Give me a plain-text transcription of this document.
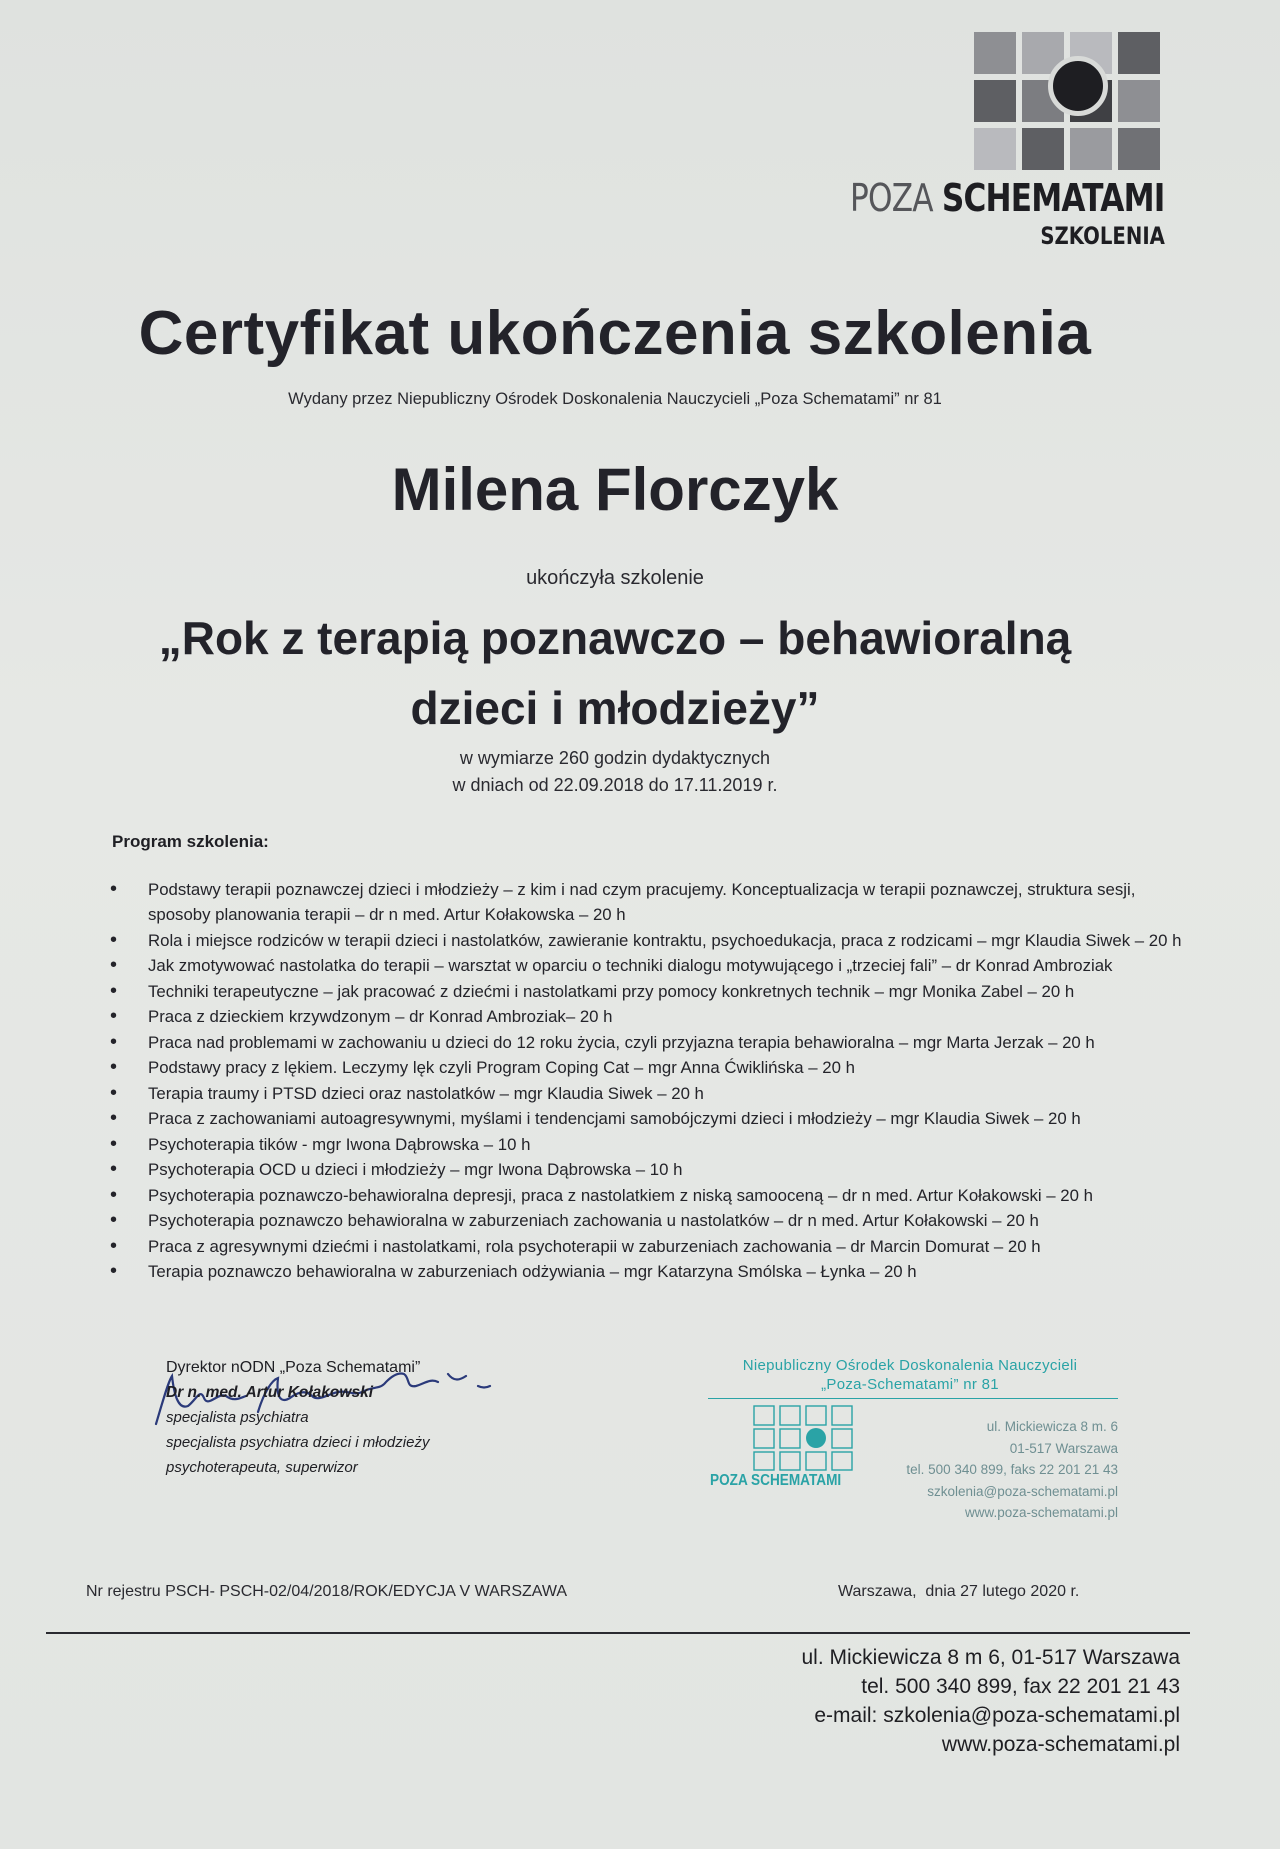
POZA SCHEMATAMI
SZKOLENIA
Certyfikat ukończenia szkolenia
Wydany przez Niepubliczny Ośrodek Doskonalenia Nauczycieli „Poza Schematami” nr 81
Milena Florczyk
ukończyła szkolenie
„Rok z terapią poznawczo – behawioralną
dzieci i młodzieży”
w wymiarze 260 godzin dydaktycznych
w dniach od 22.09.2018 do 17.11.2019 r.
Program szkolenia:
• Podstawy terapii poznawczej dzieci i młodzieży – z kim i nad czym pracujemy. Konceptualizacja w terapii poznawczej, struktura sesji, sposoby planowania terapii – dr n med. Artur Kołakowska – 20 h
• Rola i miejsce rodziców w terapii dzieci i nastolatków, zawieranie kontraktu, psychoedukacja, praca z rodzicami – mgr Klaudia Siwek – 20 h
• Jak zmotywować nastolatka do terapii – warsztat w oparciu o techniki dialogu motywującego i „trzeciej fali” – dr Konrad Ambroziak
• Techniki terapeutyczne – jak pracować z dziećmi i nastolatkami przy pomocy konkretnych technik – mgr Monika Zabel – 20 h
• Praca z dzieckiem krzywdzonym – dr Konrad Ambroziak– 20 h
• Praca nad problemami w zachowaniu u dzieci do 12 roku życia, czyli przyjazna terapia behawioralna – mgr Marta Jerzak – 20 h
• Podstawy pracy z lękiem. Leczymy lęk czyli Program Coping Cat – mgr Anna Ćwiklińska – 20 h
• Terapia traumy i PTSD dzieci oraz nastolatków – mgr Klaudia Siwek – 20 h
• Praca z zachowaniami autoagresywnymi, myślami i tendencjami samobójczymi dzieci i młodzieży – mgr Klaudia Siwek – 20 h
• Psychoterapia tików - mgr Iwona Dąbrowska – 10 h
• Psychoterapia OCD u dzieci i młodzieży – mgr Iwona Dąbrowska – 10 h
• Psychoterapia poznawczo-behawioralna depresji, praca z nastolatkiem z niską samooceną – dr n med. Artur Kołakowski – 20 h
• Psychoterapia poznawczo behawioralna w zaburzeniach zachowania u nastolatków – dr n med. Artur Kołakowski – 20 h
• Praca z agresywnymi dziećmi i nastolatkami, rola psychoterapii w zaburzeniach zachowania – dr Marcin Domurat – 20 h
• Terapia poznawczo behawioralna w zaburzeniach odżywiania – mgr Katarzyna Smólska – Łynka – 20 h
Dyrektor nODN „Poza Schematami”
Dr n. med. Artur Kołakowski
specjalista psychiatra
specjalista psychiatra dzieci i młodzieży
psychoterapeuta, superwizor
Niepubliczny Ośrodek Doskonalenia Nauczycieli
„Poza-Schematami” nr 81
POZA SCHEMATAMI
ul. Mickiewicza 8 m. 6
01-517 Warszawa
tel. 500 340 899, faks 22 201 21 43
szkolenia@poza-schematami.pl
www.poza-schematami.pl
Nr rejestru PSCH- PSCH-02/04/2018/ROK/EDYCJA V WARSZAWA	Warszawa,  dnia 27 lutego 2020 r.
ul. Mickiewicza 8 m 6, 01-517 Warszawa
tel. 500 340 899, fax 22 201 21 43
e-mail: szkolenia@poza-schematami.pl
www.poza-schematami.pl
